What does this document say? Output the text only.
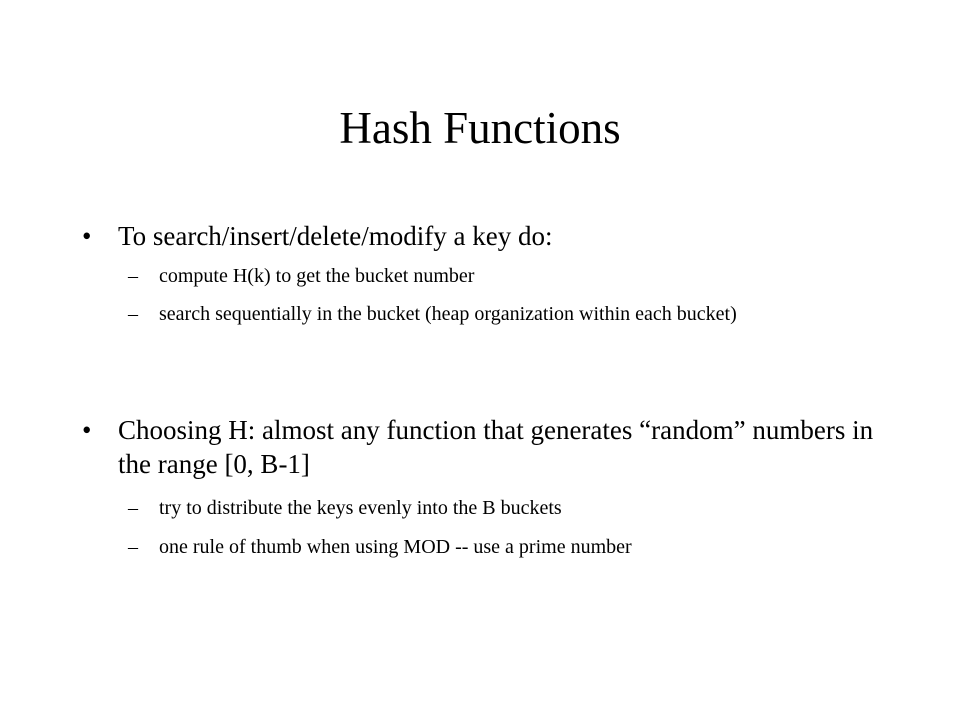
Hash Functions
• To search/insert/delete/modify a key do:
–	compute H(k) to get the bucket number
–	search sequentially in the bucket (heap organization within each bucket)
• Choosing H: almost any function that generates “random” numbers in the range [0, B-1]
–	try to distribute the keys evenly into the B buckets
–	one rule of thumb when using MOD -- use a prime number
